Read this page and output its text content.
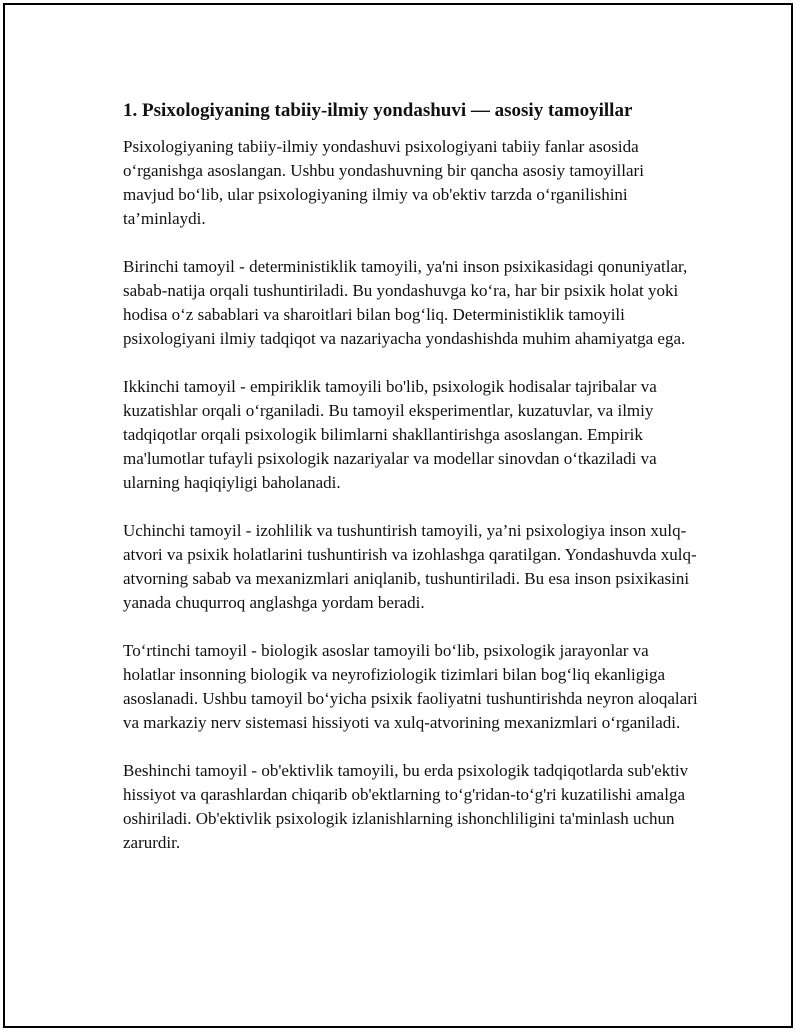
1. Psixologiyaning tabiiy-ilmiy yondashuvi — asosiy tamoyillar

Psixologiyaning tabiiy-ilmiy yondashuvi psixologiyani tabiiy fanlar asosida o‘rganishga asoslangan. Ushbu yondashuvning bir qancha asosiy tamoyillari mavjud bo‘lib, ular psixologiyaning ilmiy va ob'ektiv tarzda o‘rganilishini ta’minlaydi.

Birinchi tamoyil - deterministiklik tamoyili, ya'ni inson psixikasidagi qonuniyatlar, sabab-natija orqali tushuntiriladi. Bu yondashuvga ko‘ra, har bir psixik holat yoki hodisa o‘z sabablari va sharoitlari bilan bog‘liq. Deterministiklik tamoyili psixologiyani ilmiy tadqiqot va nazariyacha yondashishda muhim ahamiyatga ega.

Ikkinchi tamoyil - empiriklik tamoyili bo'lib, psixologik hodisalar tajribalar va kuzatishlar orqali o‘rganiladi. Bu tamoyil eksperimentlar, kuzatuvlar, va ilmiy tadqiqotlar orqali psixologik bilimlarni shakllantirishga asoslangan. Empirik ma'lumotlar tufayli psixologik nazariyalar va modellar sinovdan o‘tkaziladi va ularning haqiqiyligi baholanadi.

Uchinchi tamoyil - izohlilik va tushuntirish tamoyili, ya’ni psixologiya inson xulq-atvori va psixik holatlarini tushuntirish va izohlashga qaratilgan. Yondashuvda xulq-atvorning sabab va mexanizmlari aniqlanib, tushuntiriladi. Bu esa inson psixikasini yanada chuqurroq anglashga yordam beradi.

To‘rtinchi tamoyil - biologik asoslar tamoyili bo‘lib, psixologik jarayonlar va holatlar insonning biologik va neyrofiziologik tizimlari bilan bog‘liq ekanligiga asoslanadi. Ushbu tamoyil bo‘yicha psixik faoliyatni tushuntirishda neyron aloqalari va markaziy nerv sistemasi hissiyoti va xulq-atvorining mexanizmlari o‘rganiladi.

Beshinchi tamoyil - ob'ektivlik tamoyili, bu erda psixologik tadqiqotlarda sub'ektiv hissiyot va qarashlardan chiqarib ob'ektlarning to‘g'ridan-to‘g'ri kuzatilishi amalga oshiriladi. Ob'ektivlik psixologik izlanishlarning ishonchliligini ta'minlash uchun zarurdir.
